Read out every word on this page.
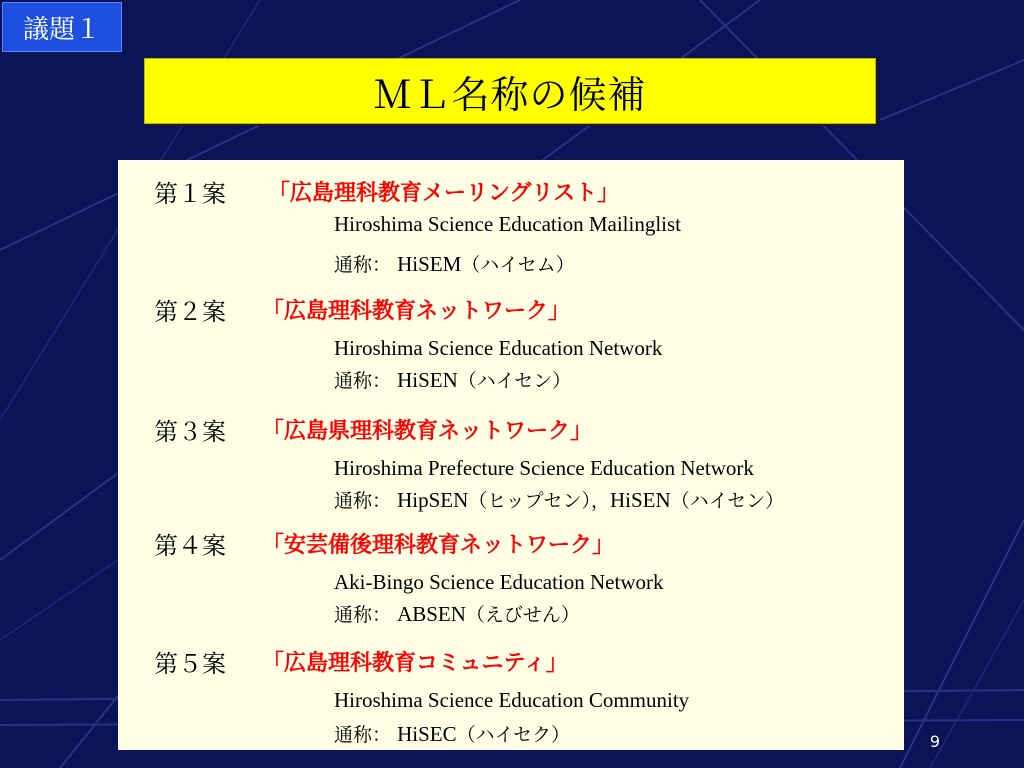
議題１
ＭＬ名称の候補
第１案 「広島理科教育メーリングリスト」
Hiroshima Science Education Mailinglist
通称： HiSEM（ハイセム）
第２案 「広島理科教育ネットワーク」
Hiroshima Science Education Network
通称： HiSEN（ハイセン）
第３案 「広島県理科教育ネットワーク」
Hiroshima Prefecture Science Education Network
通称： HipSEN（ヒップセン），HiSEN（ハイセン）
第４案 「安芸備後理科教育ネットワーク」
Aki-Bingo Science Education Network
通称： ABSEN（えびせん）
第５案 「広島理科教育コミュニティ」
Hiroshima Science Education Community
通称： HiSEC（ハイセク）	9
